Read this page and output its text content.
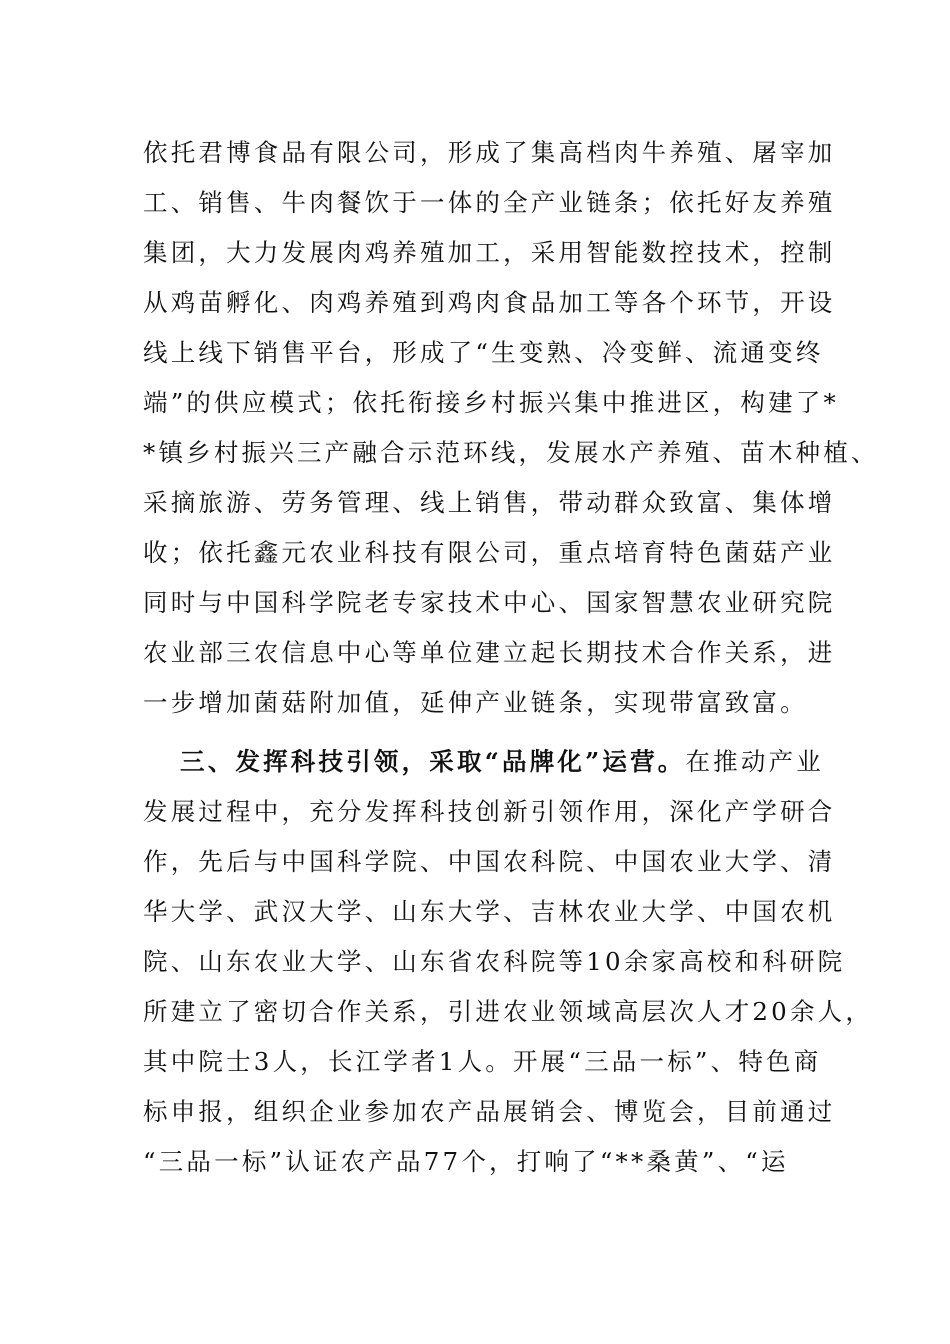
依托君博食品有限公司，形成了集高档肉牛养殖、屠宰加
工、销售、牛肉餐饮于一体的全产业链条；依托好友养殖
集团，大力发展肉鸡养殖加工，采用智能数控技术，控制
从鸡苗孵化、肉鸡养殖到鸡肉食品加工等各个环节，开设
线上线下销售平台，形成了“生变熟、冷变鲜、流通变终
端”的供应模式；依托衔接乡村振兴集中推进区，构建了*
*镇乡村振兴三产融合示范环线，发展水产养殖、苗木种植、
采摘旅游、劳务管理、线上销售，带动群众致富、集体增
收；依托鑫元农业科技有限公司，重点培育特色菌菇产业
同时与中国科学院老专家技术中心、国家智慧农业研究院
农业部三农信息中心等单位建立起长期技术合作关系，进
一步增加菌菇附加值，延伸产业链条，实现带富致富。
三、发挥科技引领，采取“品牌化”运营。在推动产业
发展过程中，充分发挥科技创新引领作用，深化产学研合
作，先后与中国科学院、中国农科院、中国农业大学、清
华大学、武汉大学、山东大学、吉林农业大学、中国农机
院、山东农业大学、山东省农科院等10余家高校和科研院
所建立了密切合作关系，引进农业领域高层次人才20余人，
其中院士3人，长江学者1人。开展“三品一标”、特色商
标申报，组织企业参加农产品展销会、博览会，目前通过
“三品一标”认证农产品77个，打响了“**桑黄”、“运
